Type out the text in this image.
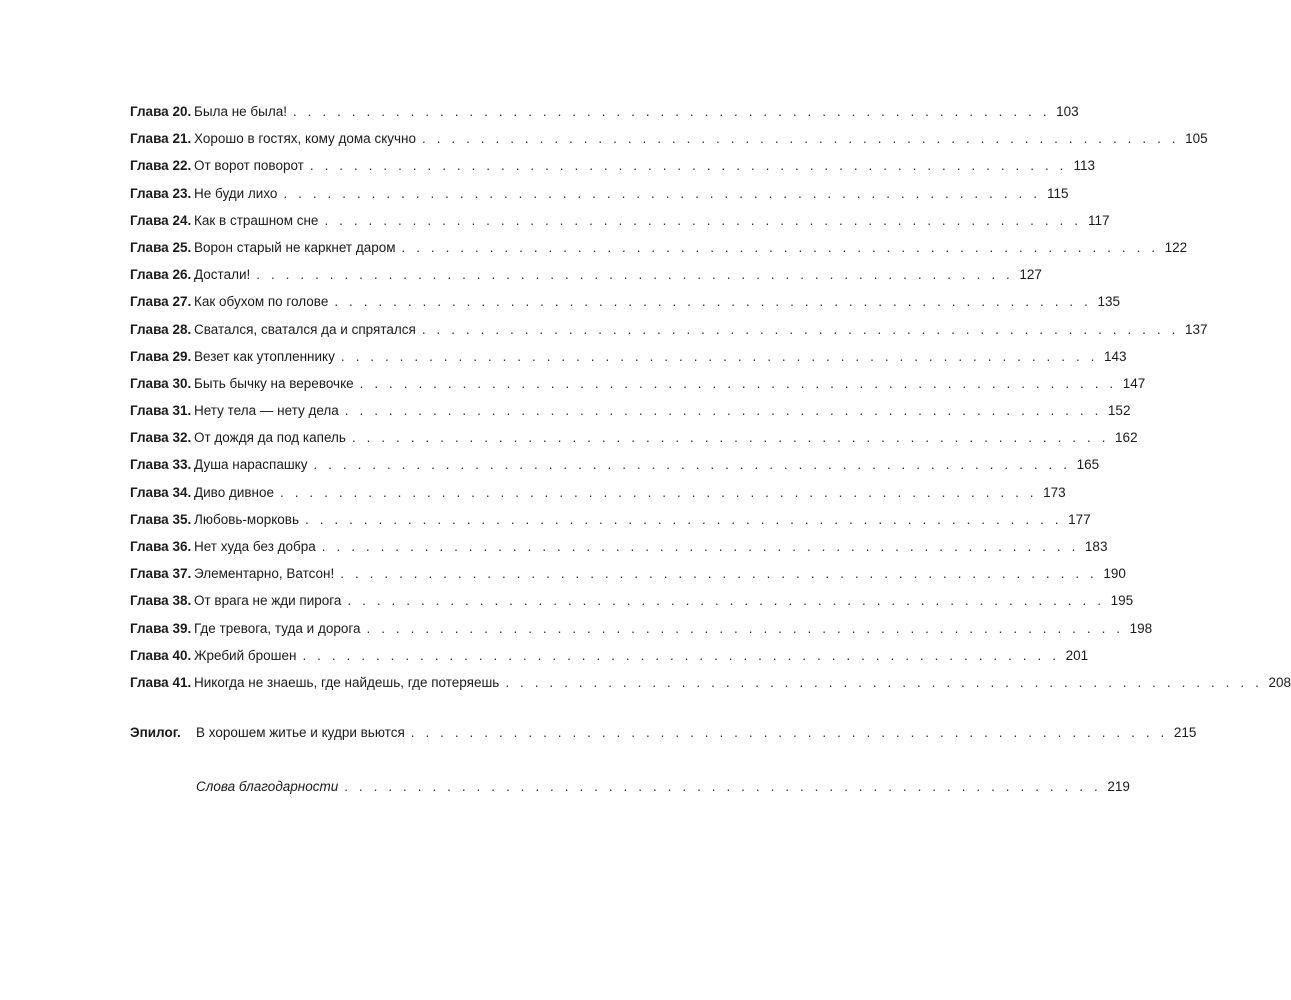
Глава 20. Была не была! . . . . . . . . . . . . . . . . . . . . . . . . . . . . . . . . . . . . . . . . . . . . . . . . . . . . 103
Глава 21. Хорошо в гостях, кому дома скучно . . . . . . . . . . . . . . . . . . . . . . . . . . . . . . . . . . . . . . . . . . . . . . . . . . . . 105
Глава 22. От ворот поворот . . . . . . . . . . . . . . . . . . . . . . . . . . . . . . . . . . . . . . . . . . . . . . . . . . . . 113
Глава 23. Не буди лихо . . . . . . . . . . . . . . . . . . . . . . . . . . . . . . . . . . . . . . . . . . . . . . . . . . . . 115
Глава 24. Как в страшном сне . . . . . . . . . . . . . . . . . . . . . . . . . . . . . . . . . . . . . . . . . . . . . . . . . . . . 117
Глава 25. Ворон старый не каркнет даром . . . . . . . . . . . . . . . . . . . . . . . . . . . . . . . . . . . . . . . . . . . . . . . . . . . . 122
Глава 26. Достали! . . . . . . . . . . . . . . . . . . . . . . . . . . . . . . . . . . . . . . . . . . . . . . . . . . . . 127
Глава 27. Как обухом по голове . . . . . . . . . . . . . . . . . . . . . . . . . . . . . . . . . . . . . . . . . . . . . . . . . . . . 135
Глава 28. Сватался, сватался да и спрятался . . . . . . . . . . . . . . . . . . . . . . . . . . . . . . . . . . . . . . . . . . . . . . . . . . . . 137
Глава 29. Везет как утопленнику . . . . . . . . . . . . . . . . . . . . . . . . . . . . . . . . . . . . . . . . . . . . . . . . . . . . 143
Глава 30. Быть бычку на веревочке . . . . . . . . . . . . . . . . . . . . . . . . . . . . . . . . . . . . . . . . . . . . . . . . . . . . 147
Глава 31. Нету тела — нету дела . . . . . . . . . . . . . . . . . . . . . . . . . . . . . . . . . . . . . . . . . . . . . . . . . . . . 152
Глава 32. От дождя да под капель . . . . . . . . . . . . . . . . . . . . . . . . . . . . . . . . . . . . . . . . . . . . . . . . . . . . 162
Глава 33. Душа нараспашку . . . . . . . . . . . . . . . . . . . . . . . . . . . . . . . . . . . . . . . . . . . . . . . . . . . . 165
Глава 34. Диво дивное . . . . . . . . . . . . . . . . . . . . . . . . . . . . . . . . . . . . . . . . . . . . . . . . . . . . 173
Глава 35. Любовь-морковь . . . . . . . . . . . . . . . . . . . . . . . . . . . . . . . . . . . . . . . . . . . . . . . . . . . . 177
Глава 36. Нет худа без добра . . . . . . . . . . . . . . . . . . . . . . . . . . . . . . . . . . . . . . . . . . . . . . . . . . . . 183
Глава 37. Элементарно, Ватсон! . . . . . . . . . . . . . . . . . . . . . . . . . . . . . . . . . . . . . . . . . . . . . . . . . . . . 190
Глава 38. От врага не жди пирога . . . . . . . . . . . . . . . . . . . . . . . . . . . . . . . . . . . . . . . . . . . . . . . . . . . . 195
Глава 39. Где тревога, туда и дорога . . . . . . . . . . . . . . . . . . . . . . . . . . . . . . . . . . . . . . . . . . . . . . . . . . . . 198
Глава 40. Жребий брошен . . . . . . . . . . . . . . . . . . . . . . . . . . . . . . . . . . . . . . . . . . . . . . . . . . . . 201
Глава 41. Никогда не знаешь, где найдешь, где потеряешь . . . . . . . . . . . . . . . . . . . . . . . . . . . . . . . . . . . . . . . . . . . . . . . . . . . . 208
Эпилог.	В хорошем житье и кудри вьются . . . . . . . . . . . . . . . . . . . . . . . . . . . . . . . . . . . . . . . . . . . . . . . . . . . . 215
Слова благодарности . . . . . . . . . . . . . . . . . . . . . . . . . . . . . . . . . . . . . . . . . . . . . . . . . . . . 219
